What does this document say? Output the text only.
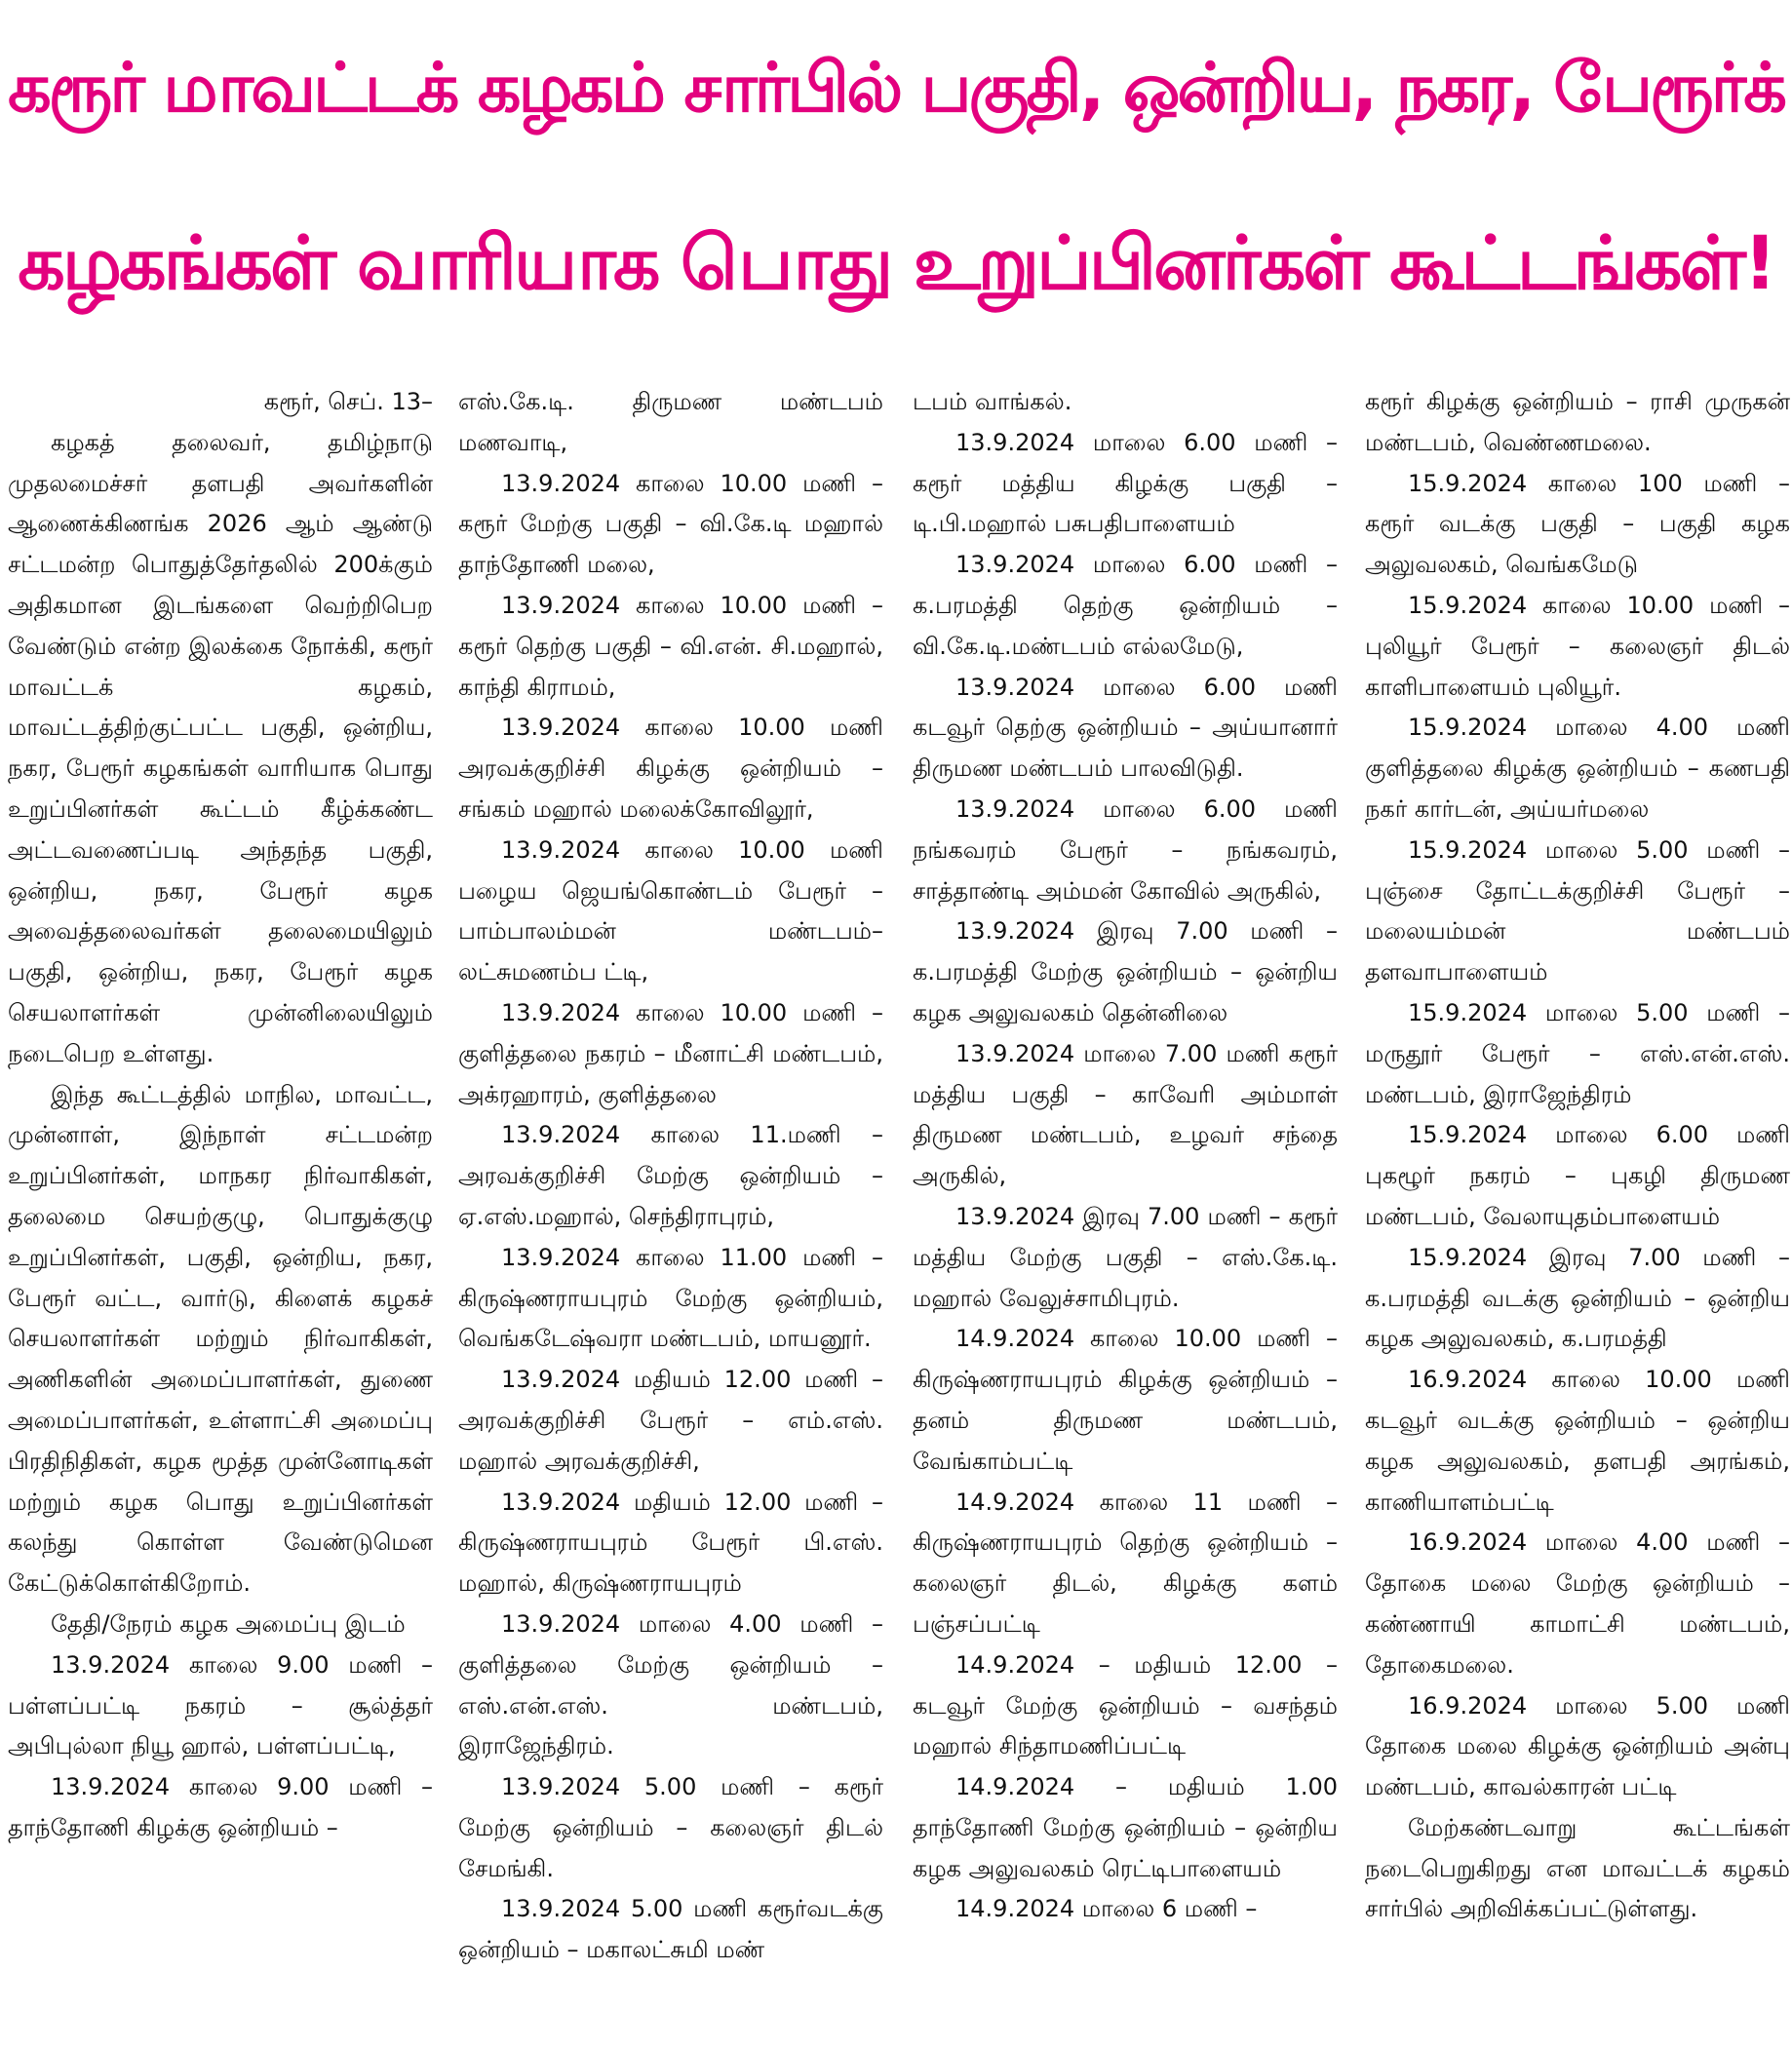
கரூர் மாவட்டக் கழகம் சார்பில் பகுதி, ஒன்றிய, நகர, பேரூர்க்
கழகங்கள் வாரியாக பொது உறுப்பினர்கள் கூட்டங்கள்!

கரூர், செப். 13–

கழகத் தலைவர், தமிழ்நாடு முதலமைச்சர் தளபதி அவர்களின் ஆணைக்கிணங்க 2026 ஆம் ஆண்டு சட்டமன்ற பொதுத்தேர்தலில் 200க்கும் அதிகமான இடங்களை வெற்றிபெற வேண்டும் என்ற இலக்கை நோக்கி, கரூர் மாவட்டக் கழகம், மாவட்டத்திற்குட்பட்ட பகுதி, ஒன்றிய, நகர, பேரூர் கழகங்கள் வாரியாக பொது உறுப்பினர்கள் கூட்டம் கீழ்க்கண்ட அட்டவணைப்படி அந்தந்த பகுதி, ஒன்றிய, நகர, பேரூர் கழக அவைத்தலைவர்கள் தலைமையிலும் பகுதி, ஒன்றிய, நகர, பேரூர் கழக செயலாளர்கள் முன்னிலையிலும் நடைபெற உள்ளது.

இந்த கூட்டத்தில் மாநில, மாவட்ட, முன்னாள், இந்நாள் சட்டமன்ற உறுப்பினர்கள், மாநகர நிர்வாகிகள், தலைமை செயற்குழு, பொதுக்குழு உறுப்பினர்கள், பகுதி, ஒன்றிய, நகர, பேரூர் வட்ட, வார்டு, கிளைக் கழகச் செயலாளர்கள் மற்றும் நிர்வாகிகள், அணிகளின் அமைப்பாளர்கள், துணை அமைப்பாளர்கள், உள்ளாட்சி அமைப்பு பிரதிநிதிகள், கழக மூத்த முன்னோடிகள் மற்றும் கழக பொது உறுப்பினர்கள் கலந்து கொள்ள வேண்டுமென கேட்டுக்கொள்கிறோம்.

தேதி/நேரம் கழக அமைப்பு இடம்

13.9.2024 காலை 9.00 மணி – பள்ளப்பட்டி நகரம் – சூல்த்தர் அபிபுல்லா நியூ ஹால், பள்ளப்பட்டி,

13.9.2024 காலை 9.00 மணி – தாந்தோணி கிழக்கு ஒன்றியம் –

எஸ்.கே.டி. திருமண மண்டபம் மணவாடி,

13.9.2024 காலை 10.00 மணி – கரூர் மேற்கு பகுதி – வி.கே.டி மஹால் தாந்தோணி மலை,

13.9.2024 காலை 10.00 மணி – கரூர் தெற்கு பகுதி – வி.என். சி.மஹால், காந்தி கிராமம்,

13.9.2024 காலை 10.00 மணி அரவக்குறிச்சி கிழக்கு ஒன்றியம் – சங்கம் மஹால் மலைக்கோவிலூர்,

13.9.2024 காலை 10.00 மணி பழைய ஜெயங்கொண்டம் பேரூர் – பாம்பாலம்மன் மண்டபம்– லட்சுமணம்ப ட்டி,

13.9.2024 காலை 10.00 மணி – குளித்தலை நகரம் – மீனாட்சி மண்டபம், அக்ரஹாரம், குளித்தலை

13.9.2024 காலை 11.மணி – அரவக்குறிச்சி மேற்கு ஒன்றியம் – ஏ.எஸ்.மஹால், செந்திராபுரம்,

13.9.2024 காலை 11.00 மணி – கிருஷ்ணராயபுரம் மேற்கு ஒன்றியம், வெங்கடேஷ்வரா மண்டபம், மாயனூர்.

13.9.2024 மதியம் 12.00 மணி – அரவக்குறிச்சி பேரூர் – எம்.எஸ். மஹால் அரவக்குறிச்சி,

13.9.2024 மதியம் 12.00 மணி – கிருஷ்ணராயபுரம் பேரூர் பி.எஸ். மஹால், கிருஷ்ணராயபுரம்

13.9.2024 மாலை 4.00 மணி – குளித்தலை மேற்கு ஒன்றியம் – எஸ்.என்.எஸ். மண்டபம், இராஜேந்திரம்.

13.9.2024 5.00 மணி – கரூர் மேற்கு ஒன்றியம் – கலைஞர் திடல் சேமங்கி.

13.9.2024 5.00 மணி கரூர்வடக்கு ஒன்றியம் – மகாலட்சுமி மண்

டபம் வாங்கல்.

13.9.2024 மாலை 6.00 மணி – கரூர் மத்திய கிழக்கு பகுதி – டி.பி.மஹால் பசுபதிபாளையம்

13.9.2024 மாலை 6.00 மணி – க.பரமத்தி தெற்கு ஒன்றியம் – வி.கே.டி.மண்டபம் எல்லமேடு,

13.9.2024 மாலை 6.00 மணி கடவூர் தெற்கு ஒன்றியம் – அய்யானார் திருமண மண்டபம் பாலவிடுதி.

13.9.2024 மாலை 6.00 மணி நங்கவரம் பேரூர் – நங்கவரம், சாத்தாண்டி அம்மன் கோவில் அருகில்,

13.9.2024 இரவு 7.00 மணி – க.பரமத்தி மேற்கு ஒன்றியம் – ஒன்றிய கழக அலுவலகம் தென்னிலை

13.9.2024 மாலை 7.00 மணி கரூர் மத்திய பகுதி – காவேரி அம்மாள் திருமண மண்டபம், உழவர் சந்தை அருகில்,

13.9.2024 இரவு 7.00 மணி – கரூர் மத்திய மேற்கு பகுதி – எஸ்.கே.டி. மஹால் வேலுச்சாமிபுரம்.

14.9.2024 காலை 10.00 மணி – கிருஷ்ணராயபுரம் கிழக்கு ஒன்றியம் – தனம் திருமண மண்டபம், வேங்காம்பட்டி

14.9.2024 காலை 11 மணி – கிருஷ்ணராயபுரம் தெற்கு ஒன்றியம் – கலைஞர் திடல், கிழக்கு களம் பஞ்சப்பட்டி

14.9.2024 – மதியம் 12.00 – கடவூர் மேற்கு ஒன்றியம் – வசந்தம் மஹால் சிந்தாமணிப்பட்டி

14.9.2024 – மதியம் 1.00 தாந்தோணி மேற்கு ஒன்றியம் – ஒன்றிய கழக அலுவலகம் ரெட்டிபாளையம்

14.9.2024 மாலை 6 மணி –

கரூர் கிழக்கு ஒன்றியம் – ராசி முருகன் மண்டபம், வெண்ணமலை.

15.9.2024 காலை 100 மணி – கரூர் வடக்கு பகுதி – பகுதி கழக அலுவலகம், வெங்கமேடு

15.9.2024 காலை 10.00 மணி – புலியூர் பேரூர் – கலைஞர் திடல் காளிபாளையம் புலியூர்.

15.9.2024 மாலை 4.00 மணி குளித்தலை கிழக்கு ஒன்றியம் – கணபதி நகர் கார்டன், அய்யர்மலை

15.9.2024 மாலை 5.00 மணி – புஞ்சை தோட்டக்குறிச்சி பேரூர் – மலையம்மன் மண்டபம் தளவாபாளையம்

15.9.2024 மாலை 5.00 மணி – மருதூர் பேரூர் – எஸ்.என்.எஸ். மண்டபம், இராஜேந்திரம்

15.9.2024 மாலை 6.00 மணி புகழூர் நகரம் – புகழி திருமண மண்டபம், வேலாயுதம்பாளையம்

15.9.2024 இரவு 7.00 மணி – க.பரமத்தி வடக்கு ஒன்றியம் – ஒன்றிய கழக அலுவலகம், க.பரமத்தி

16.9.2024 காலை 10.00 மணி கடவூர் வடக்கு ஒன்றியம் – ஒன்றிய கழக அலுவலகம், தளபதி அரங்கம், காணியாளம்பட்டி

16.9.2024 மாலை 4.00 மணி – தோகை மலை மேற்கு ஒன்றியம் – கண்ணாயி காமாட்சி மண்டபம், தோகைமலை.

16.9.2024 மாலை 5.00 மணி தோகை மலை கிழக்கு ஒன்றியம் அன்பு மண்டபம், காவல்காரன் பட்டி

மேற்கண்டவாறு கூட்டங்கள் நடைபெறுகிறது என மாவட்டக் கழகம் சார்பில் அறிவிக்கப்பட்டுள்ளது.
